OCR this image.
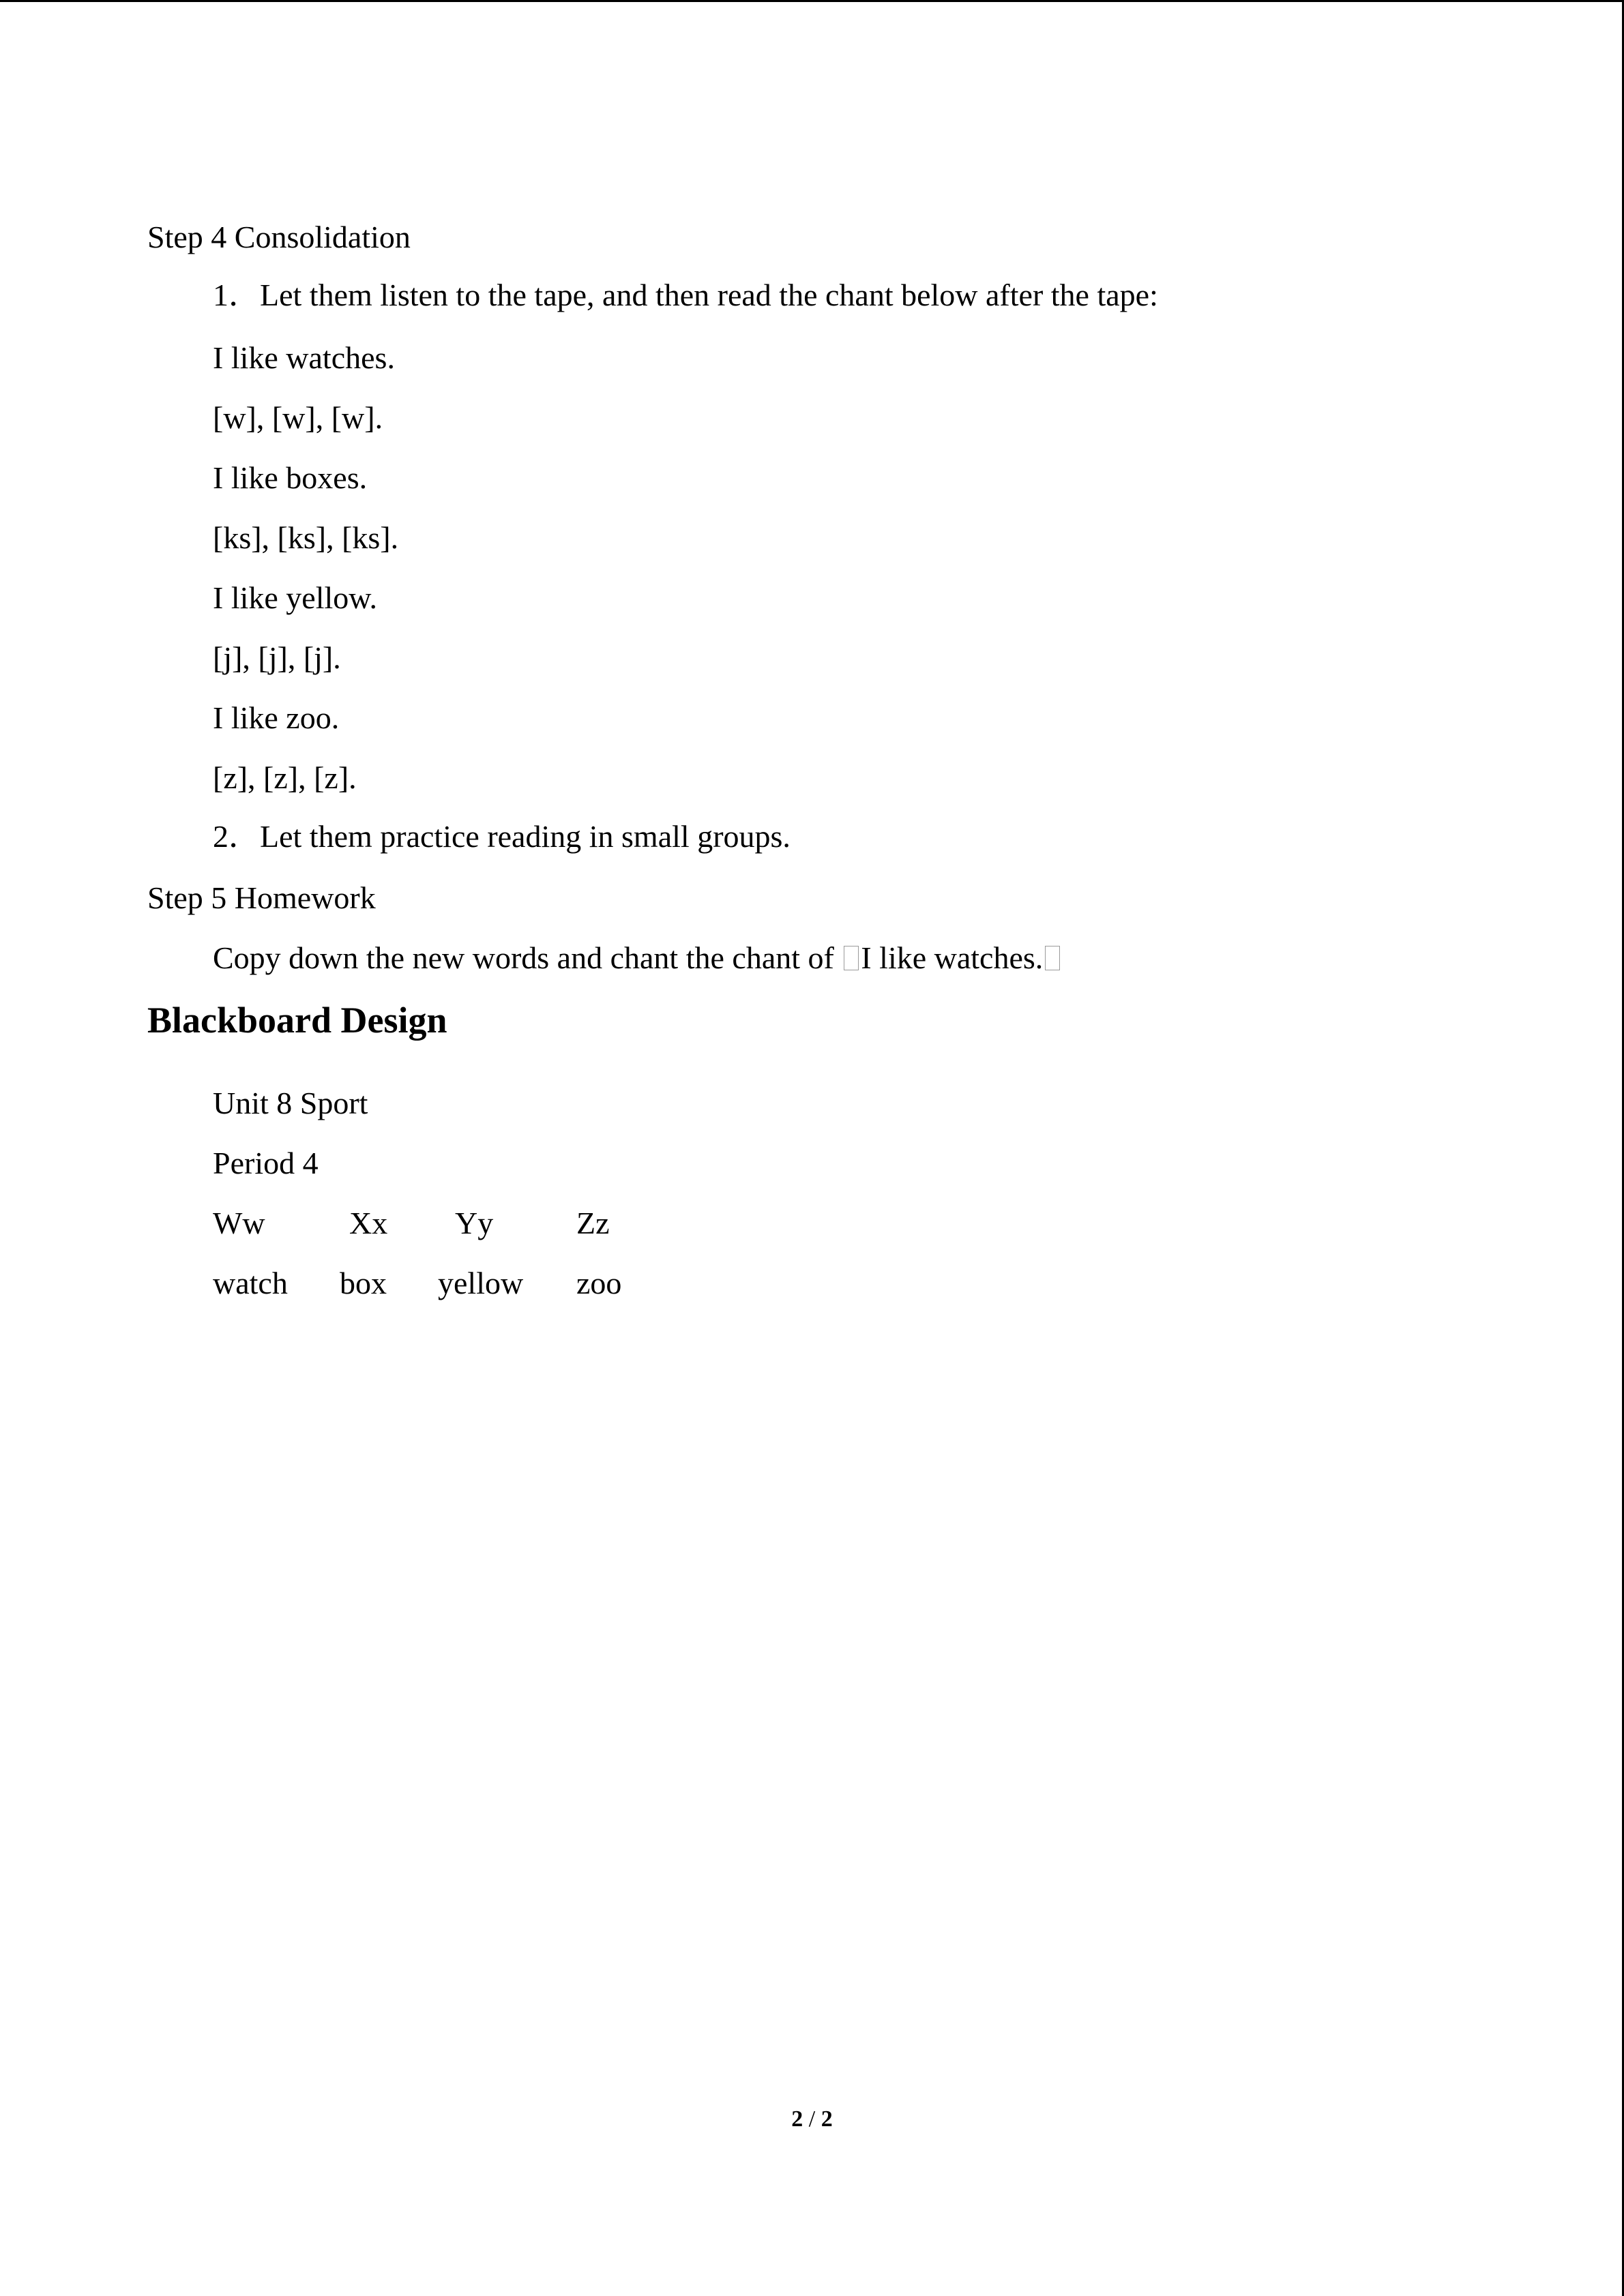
Step 4 Consolidation
1．Let them listen to the tape, and then read the chant below after the tape:
I like watches.
[w], [w], [w].
I like boxes.
[ks], [ks], [ks].
I like yellow.
[j], [j], [j].
I like zoo.
[z], [z], [z].
2．Let them practice reading in small groups.
Step 5 Homework
Copy down the new words and chant the chant of I like watches.
Blackboard Design
Unit 8 Sport
Period 4
Ww	Xx Yy	Zz
watch box yellow zoo
2 / 2
